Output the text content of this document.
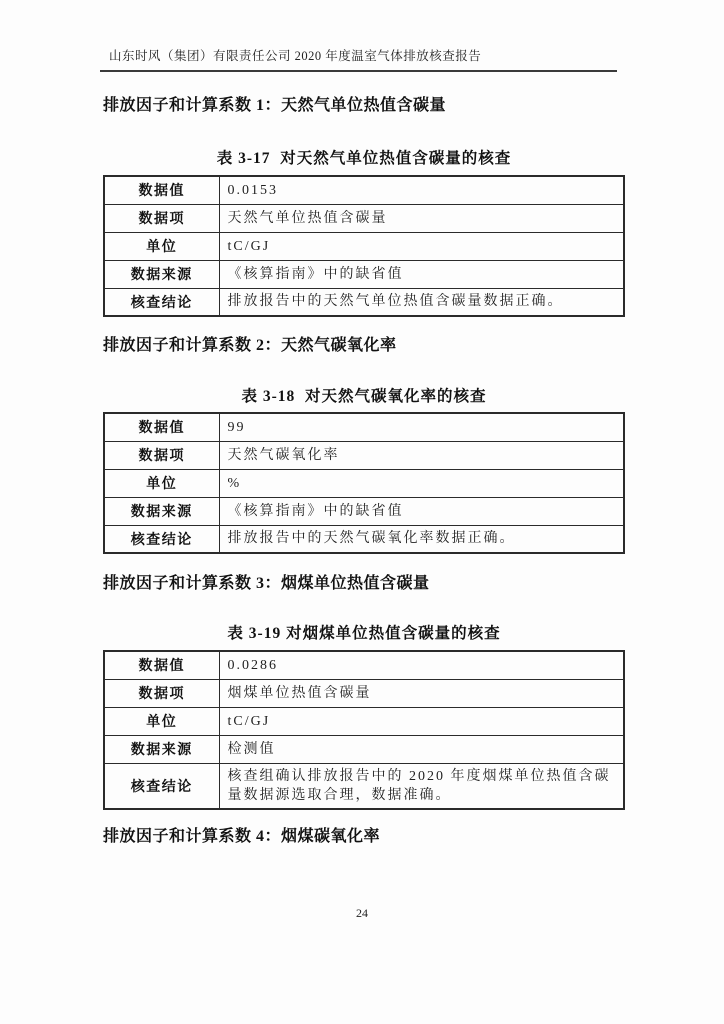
山东时风（集团）有限责任公司 2020 年度温室气体排放核查报告
排放因子和计算系数 1：天然气单位热值含碳量
表 3-17  对天然气单位热值含碳量的核查
数据值	0.0153
数据项	天然气单位热值含碳量
单位	tC/GJ
数据来源	《核算指南》中的缺省值
核查结论	排放报告中的天然气单位热值含碳量数据正确。
排放因子和计算系数 2：天然气碳氧化率
表 3-18  对天然气碳氧化率的核查
数据值	99
数据项	天然气碳氧化率
单位	%
数据来源	《核算指南》中的缺省值
核查结论	排放报告中的天然气碳氧化率数据正确。
排放因子和计算系数 3：烟煤单位热值含碳量
表 3-19 对烟煤单位热值含碳量的核查
数据值	0.0286
数据项	烟煤单位热值含碳量
单位	tC/GJ
数据来源	检测值
核查结论	核查组确认排放报告中的 2020 年度烟煤单位热值含碳量数据源选取合理，数据准确。
排放因子和计算系数 4：烟煤碳氧化率
24
